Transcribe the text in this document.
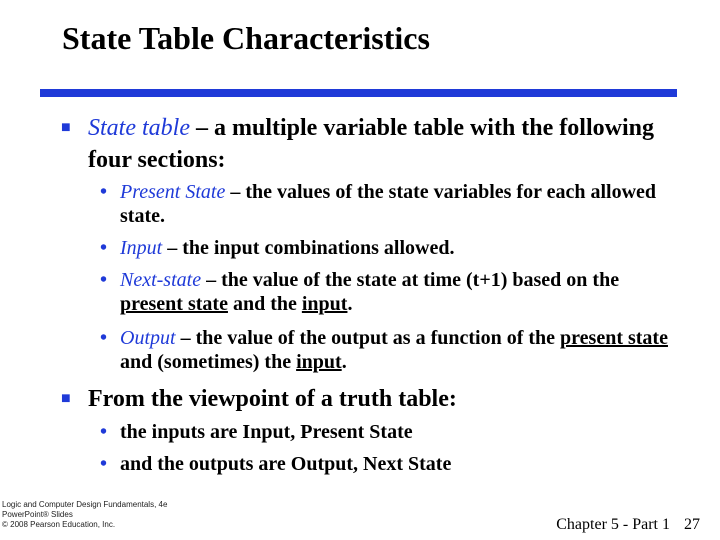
State Table Characteristics
■ State table – a multiple variable table with the following four sections:
• Present State – the values of the state variables for each allowed state.
• Input – the input combinations allowed.
• Next-state – the value of the state at time (t+1) based on the present state and the input.
• Output – the value of the output as a function of the present state and (sometimes) the input.
■ From the viewpoint of a truth table:
• the inputs are Input, Present State
• and the outputs are Output, Next State
Logic and Computer Design Fundamentals, 4e
PowerPoint® Slides
© 2008 Pearson Education, Inc.	Chapter 5 - Part 1 27
